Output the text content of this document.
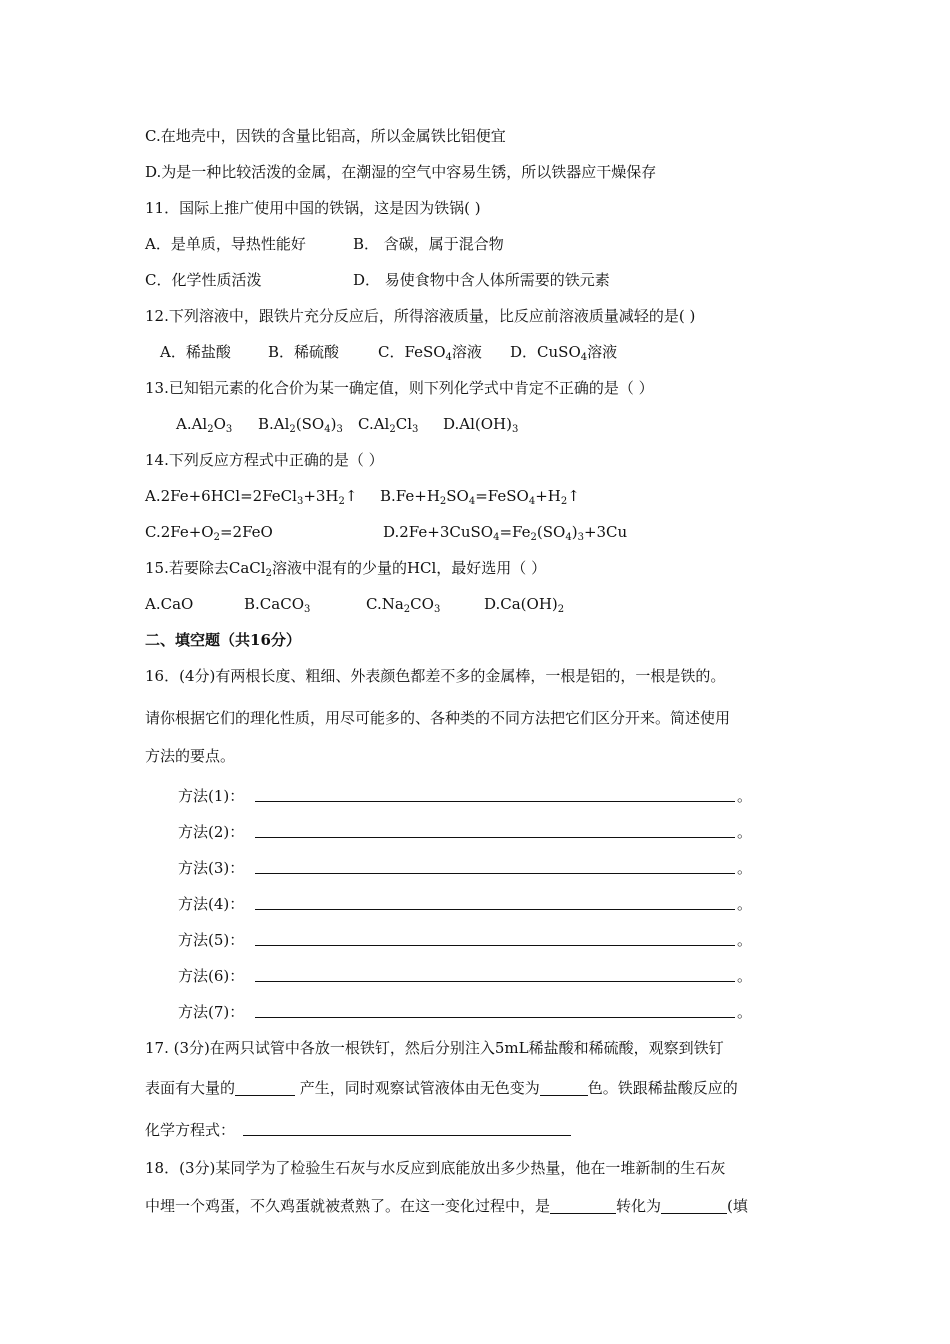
C.在地壳中，因铁的含量比铝高，所以金属铁比铝便宜
D.为是一种比较活泼的金属，在潮湿的空气中容易生锈，所以铁器应干燥保存
11．国际上推广使用中国的铁锅，这是因为铁锅( )
A．是单质，导热性能好	B． 含碳，属于混合物
C．化学性质活泼	D． 易使食物中含人体所需要的铁元素
12.下列溶液中，跟铁片充分反应后，所得溶液质量，比反应前溶液质量减轻的是( )
A．稀盐酸 B．稀硫酸	C．FeSO$_4$溶液 D．CuSO$_4$溶液
13.已知铝元素的化合价为某一确定值，则下列化学式中肯定不正确的是（ ）
$A.Al_2O_3$ $B.Al_2(SO_4)_3$ $C.Al_2Cl_3$ $D.Al(OH)_3$
14.下列反应方程式中正确的是（ ）
$A.2Fe+6HCl=2FeCl_3+3H_2↑$ $B.Fe+H_2SO_4=FeSO_4+H_2↑$
$C.2Fe+O_2=2FeO$	$D.2Fe+3CuSO_4=Fe_2(SO_4)_3+3Cu$
15.若要除去CaCl$_2$溶液中混有的少量的HCl，最好选用（ ）
A.CaO	B.CaCO$_3$	$C.Na_2CO_3$	$D.Ca(OH)_2$
二、填空题（共16分）
16．(4分)有两根长度、粗细、外表颜色都差不多的金属棒，一根是铝的，一根是铁的。
请你根据它们的理化性质，用尽可能多的、各种类的不同方法把它们区分开来。简述使用
方法的要点。
方法(1)：	。
方法(2)：	。
方法(3)：	。
方法(4)：	。
方法(5)：	。
方法(6)：	。
方法(7)：	。
17. (3分)在两只试管中各放一根铁钉，然后分别注入5mL稀盐酸和稀硫酸，观察到铁钉
表面有大量的	产生，同时观察试管液体由无色变为	色。铁跟稀盐酸反应的
化学方程式：
18．(3分)某同学为了检验生石灰与水反应到底能放出多少热量，他在一堆新制的生石灰
中埋一个鸡蛋，不久鸡蛋就被煮熟了。在这一变化过程中，是	转化为	(填
